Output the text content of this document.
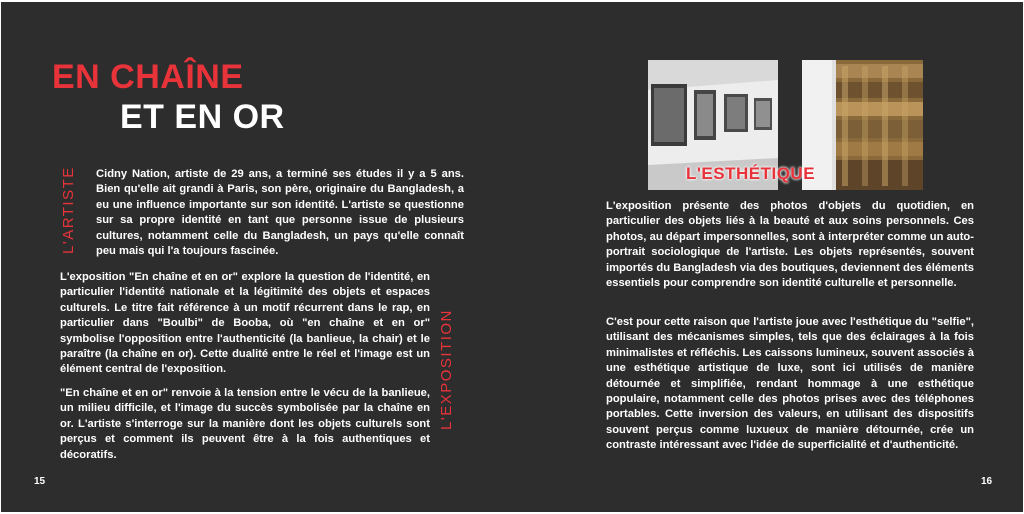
EN CHAÎNE
ET EN OR
L'ARTISTE Cidny Nation, artiste de 29 ans, a terminé ses études il y a 5 ans. Bien qu'elle ait grandi à Paris, son père, originaire du Bangladesh, a eu une influence importante sur son identité. L'artiste se questionne sur sa propre identité en tant que personne issue de plusieurs cultures, notamment celle du Bangladesh, un pays qu'elle connaît peu mais qui l'a toujours fascinée.
L'exposition "En chaîne et en or" explore la question de l'identité, en particulier l'identité nationale et la légitimité des objets et espaces culturels. Le titre fait référence à un motif récurrent dans le rap, en particulier dans "Boulbi" de Booba, où "en chaîne et en or" symbolise l'opposition entre l'authenticité (la banlieue, la chair) et le paraître (la chaîne en or). Cette dualité entre le réel et l'image est un élément central de l'exposition.
"En chaîne et en or" renvoie à la tension entre le vécu de la banlieue, un milieu difficile, et l'image du succès symbolisée par la chaîne en or. L'artiste s'interroge sur la manière dont les objets culturels sont perçus et comment ils peuvent être à la fois authentiques et décoratifs.
L'EXPOSITION
15
L'ESTHÉTIQUE
L'exposition présente des photos d'objets du quotidien, en particulier des objets liés à la beauté et aux soins personnels. Ces photos, au départ impersonnelles, sont à interpréter comme un auto-portrait sociologique de l'artiste. Les objets représentés, souvent importés du Bangladesh via des boutiques, deviennent des éléments essentiels pour comprendre son identité culturelle et personnelle.
C'est pour cette raison que l'artiste joue avec l'esthétique du "selfie", utilisant des mécanismes simples, tels que des éclairages à la fois minimalistes et réfléchis. Les caissons lumineux, souvent associés à une esthétique artistique de luxe, sont ici utilisés de manière détournée et simplifiée, rendant hommage à une esthétique populaire, notamment celle des photos prises avec des téléphones portables. Cette inversion des valeurs, en utilisant des dispositifs souvent perçus comme luxueux de manière détournée, crée un contraste intéressant avec l'idée de superficialité et d'authenticité.
16
